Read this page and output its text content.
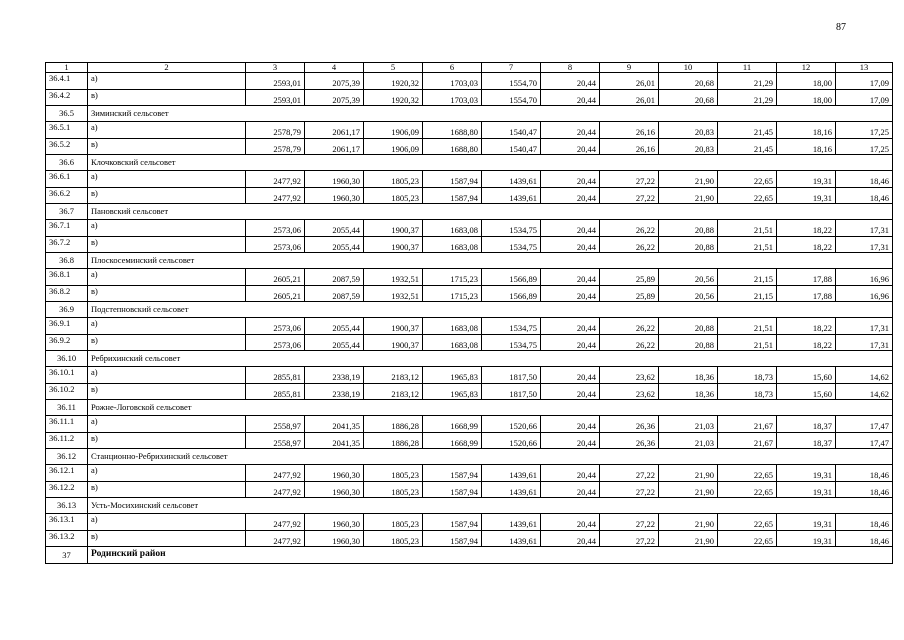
87
1	2	3	4	5	6	7	8	9	10	11	12	13
36.4.1	а)	2593,01	2075,39	1920,32	1703,03	1554,70	20,44	26,01	20,68	21,29	18,00	17,09
36.4.2	в)	2593,01	2075,39	1920,32	1703,03	1554,70	20,44	26,01	20,68	21,29	18,00	17,09
36.5	Зиминский сельсовет											
36.5.1	а)	2578,79	2061,17	1906,09	1688,80	1540,47	20,44	26,16	20,83	21,45	18,16	17,25
36.5.2	в)	2578,79	2061,17	1906,09	1688,80	1540,47	20,44	26,16	20,83	21,45	18,16	17,25
36.6	Клочковский сельсовет											
36.6.1	а)	2477,92	1960,30	1805,23	1587,94	1439,61	20,44	27,22	21,90	22,65	19,31	18,46
36.6.2	в)	2477,92	1960,30	1805,23	1587,94	1439,61	20,44	27,22	21,90	22,65	19,31	18,46
36.7	Пановский сельсовет											
36.7.1	а)	2573,06	2055,44	1900,37	1683,08	1534,75	20,44	26,22	20,88	21,51	18,22	17,31
36.7.2	в)	2573,06	2055,44	1900,37	1683,08	1534,75	20,44	26,22	20,88	21,51	18,22	17,31
36.8	Плоскосеминский сельсовет											
36.8.1	а)	2605,21	2087,59	1932,51	1715,23	1566,89	20,44	25,89	20,56	21,15	17,88	16,96
36.8.2	в)	2605,21	2087,59	1932,51	1715,23	1566,89	20,44	25,89	20,56	21,15	17,88	16,96
36.9	Подстепновский сельсовет											
36.9.1	а)	2573,06	2055,44	1900,37	1683,08	1534,75	20,44	26,22	20,88	21,51	18,22	17,31
36.9.2	в)	2573,06	2055,44	1900,37	1683,08	1534,75	20,44	26,22	20,88	21,51	18,22	17,31
36.10	Ребрихинский сельсовет											
36.10.1	а)	2855,81	2338,19	2183,12	1965,83	1817,50	20,44	23,62	18,36	18,73	15,60	14,62
36.10.2	в)	2855,81	2338,19	2183,12	1965,83	1817,50	20,44	23,62	18,36	18,73	15,60	14,62
36.11	Рожне-Логовской сельсовет											
36.11.1	а)	2558,97	2041,35	1886,28	1668,99	1520,66	20,44	26,36	21,03	21,67	18,37	17,47
36.11.2	в)	2558,97	2041,35	1886,28	1668,99	1520,66	20,44	26,36	21,03	21,67	18,37	17,47
36.12	Станционно-Ребрихинский сельсовет											
36.12.1	а)	2477,92	1960,30	1805,23	1587,94	1439,61	20,44	27,22	21,90	22,65	19,31	18,46
36.12.2	в)	2477,92	1960,30	1805,23	1587,94	1439,61	20,44	27,22	21,90	22,65	19,31	18,46
36.13	Усть-Мосихинский сельсовет											
36.13.1	а)	2477,92	1960,30	1805,23	1587,94	1439,61	20,44	27,22	21,90	22,65	19,31	18,46
36.13.2	в)	2477,92	1960,30	1805,23	1587,94	1439,61	20,44	27,22	21,90	22,65	19,31	18,46
37	Родинский район											
